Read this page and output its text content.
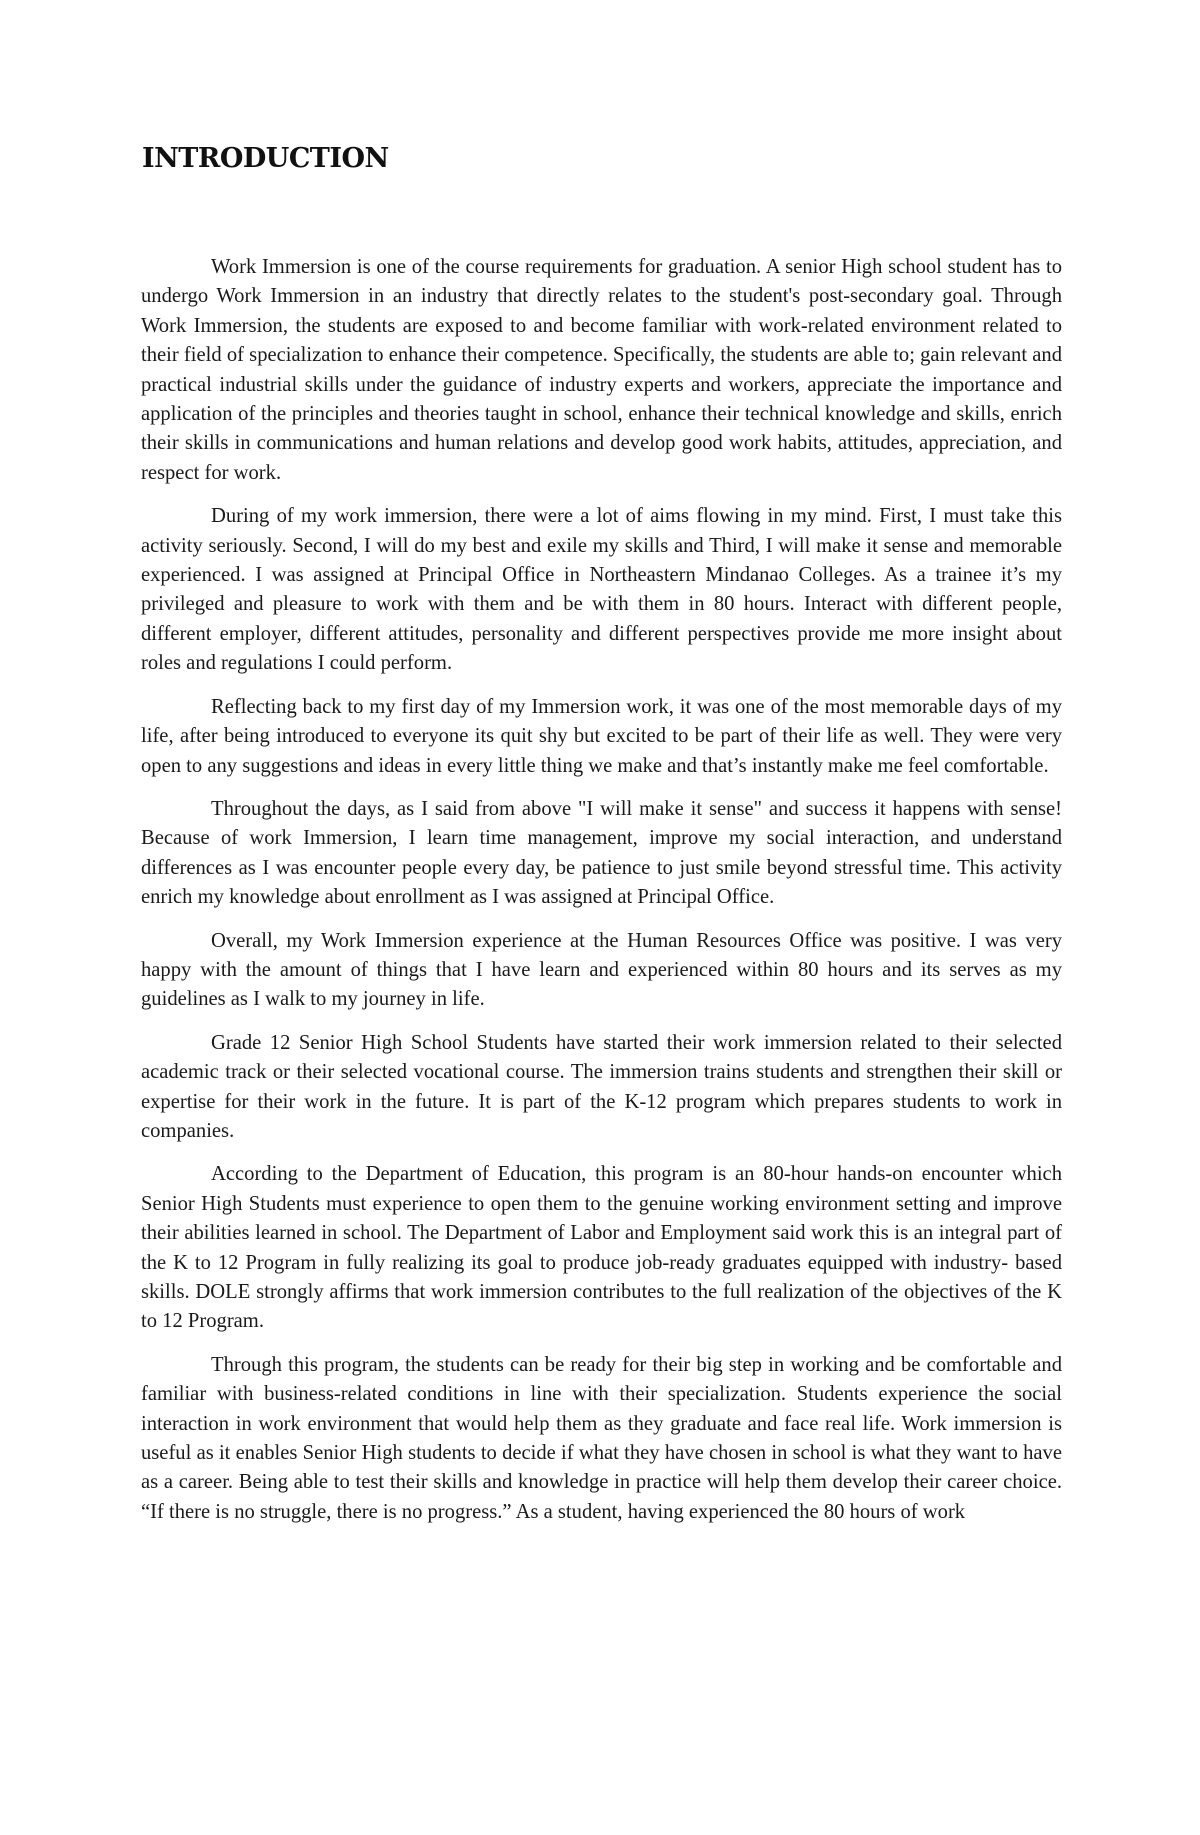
INTRODUCTION

Work Immersion is one of the course requirements for graduation. A senior High school student has to undergo Work Immersion in an industry that directly relates to the student's post-secondary goal. Through Work Immersion, the students are exposed to and become familiar with work-related environment related to their field of specialization to enhance their competence. Specifically, the students are able to; gain relevant and practical industrial skills under the guidance of industry experts and workers, appreciate the importance and application of the principles and theories taught in school, enhance their technical knowledge and skills, enrich their skills in communications and human relations and develop good work habits, attitudes, appreciation, and respect for work.

During of my work immersion, there were a lot of aims flowing in my mind. First, I must take this activity seriously. Second, I will do my best and exile my skills and Third, I will make it sense and memorable experienced. I was assigned at Principal Office in Northeastern Mindanao Colleges. As a trainee it’s my privileged and pleasure to work with them and be with them in 80 hours. Interact with different people, different employer, different attitudes, personality and different perspectives provide me more insight about roles and regulations I could perform.

Reflecting back to my first day of my Immersion work, it was one of the most memorable days of my life, after being introduced to everyone its quit shy but excited to be part of their life as well. They were very open to any suggestions and ideas in every little thing we make and that’s instantly make me feel comfortable.

Throughout the days, as I said from above "I will make it sense" and success it happens with sense! Because of work Immersion, I learn time management, improve my social interaction, and understand differences as I was encounter people every day, be patience to just smile beyond stressful time. This activity enrich my knowledge about enrollment as I was assigned at Principal Office.

Overall, my Work Immersion experience at the Human Resources Office was positive. I was very happy with the amount of things that I have learn and experienced within 80 hours and its serves as my guidelines as I walk to my journey in life.

Grade 12 Senior High School Students have started their work immersion related to their selected academic track or their selected vocational course. The immersion trains students and strengthen their skill or expertise for their work in the future. It is part of the K-12 program which prepares students to work in companies.

According to the Department of Education, this program is an 80-hour hands-on encounter which Senior High Students must experience to open them to the genuine working environment setting and improve their abilities learned in school. The Department of Labor and Employment said work this is an integral part of the K to 12 Program in fully realizing its goal to produce job-ready graduates equipped with industry- based skills. DOLE strongly affirms that work immersion contributes to the full realization of the objectives of the K to 12 Program.

Through this program, the students can be ready for their big step in working and be comfortable and familiar with business-related conditions in line with their specialization. Students experience the social interaction in work environment that would help them as they graduate and face real life. Work immersion is useful as it enables Senior High students to decide if what they have chosen in school is what they want to have as a career. Being able to test their skills and knowledge in practice will help them develop their career choice. “If there is no struggle, there is no progress.” As a student, having experienced the 80 hours of work
